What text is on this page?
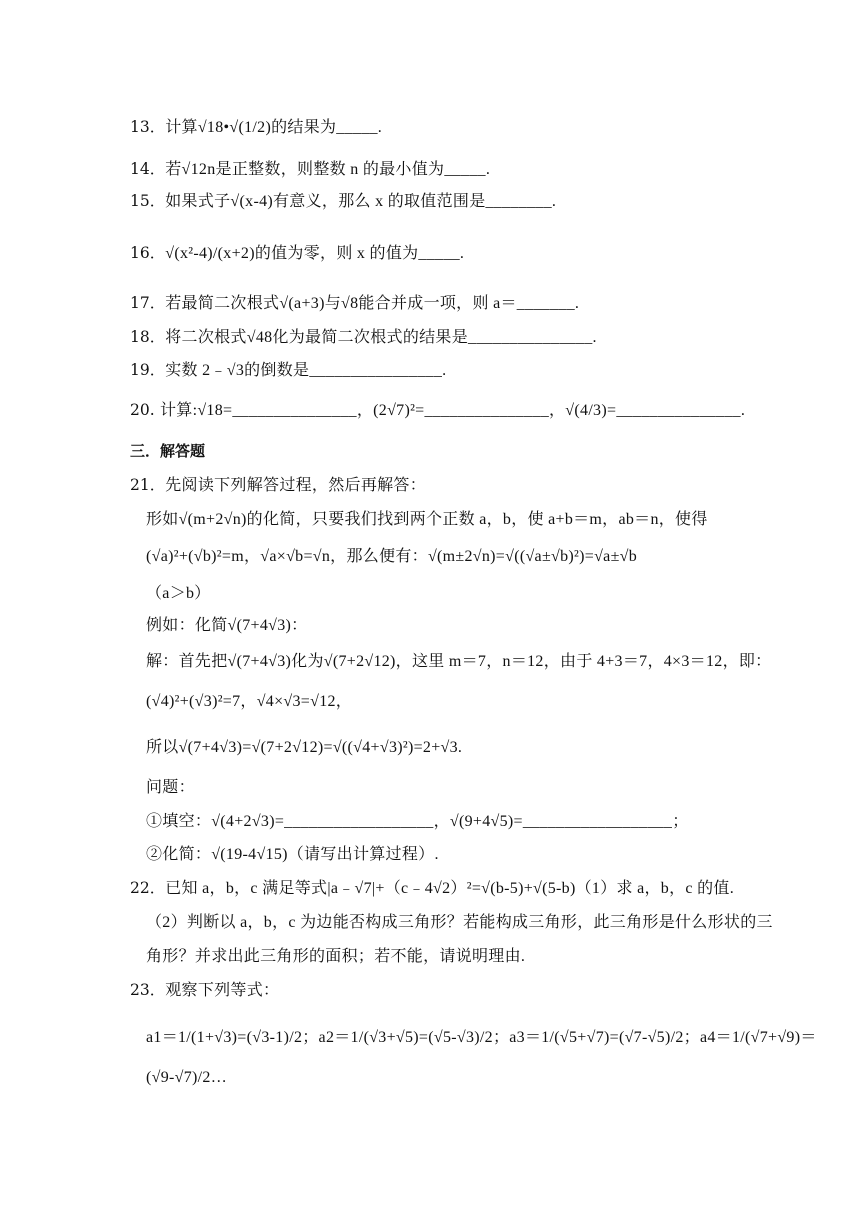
13．计算√18•√(1/2)的结果为_____.
14．若√12n是正整数，则整数 n 的最小值为_____.
15．如果式子√(x-4)有意义，那么 x 的取值范围是________.
16．√(x²-4)/(x+2)的值为零，则 x 的值为_____.
17．若最简二次根式√(a+3)与√8能合并成一项，则 a＝_______.
18．将二次根式√48化为最简二次根式的结果是_______________.
19．实数 2﹣√3的倒数是________________.
20. 计算:√18=_______________，(2√7)²=_______________，√(4/3)=_______________.
三．解答题
21．先阅读下列解答过程，然后再解答：
形如√(m+2√n)的化简，只要我们找到两个正数 a，b，使 a+b＝m，ab＝n，使得
(√a)²+(√b)²=m，√a×√b=√n，那么便有：√(m±2√n)=√((√a±√b)²)=√a±√b
（a＞b）
例如：化简√(7+4√3)：
解：首先把√(7+4√3)化为√(7+2√12)，这里 m＝7，n＝12，由于 4+3＝7，4×3＝12，即：
(√4)²+(√3)²=7，√4×√3=√12，
所以√(7+4√3)=√(7+2√12)=√((√4+√3)²)=2+√3.
问题：
①填空：√(4+2√3)=__________________，√(9+4√5)=__________________；
②化简：√(19-4√15)（请写出计算过程）.
22．已知 a，b，c 满足等式|a﹣√7|+（c﹣4√2）²=√(b-5)+√(5-b)（1）求 a，b，c 的值.
（2）判断以 a，b，c 为边能否构成三角形？若能构成三角形，此三角形是什么形状的三
角形？并求出此三角形的面积；若不能，请说明理由.
23．观察下列等式：
a1＝1/(1+√3)=(√3-1)/2；a2＝1/(√3+√5)=(√5-√3)/2；a3＝1/(√5+√7)=(√7-√5)/2；a4＝1/(√7+√9)＝
(√9-√7)/2…
